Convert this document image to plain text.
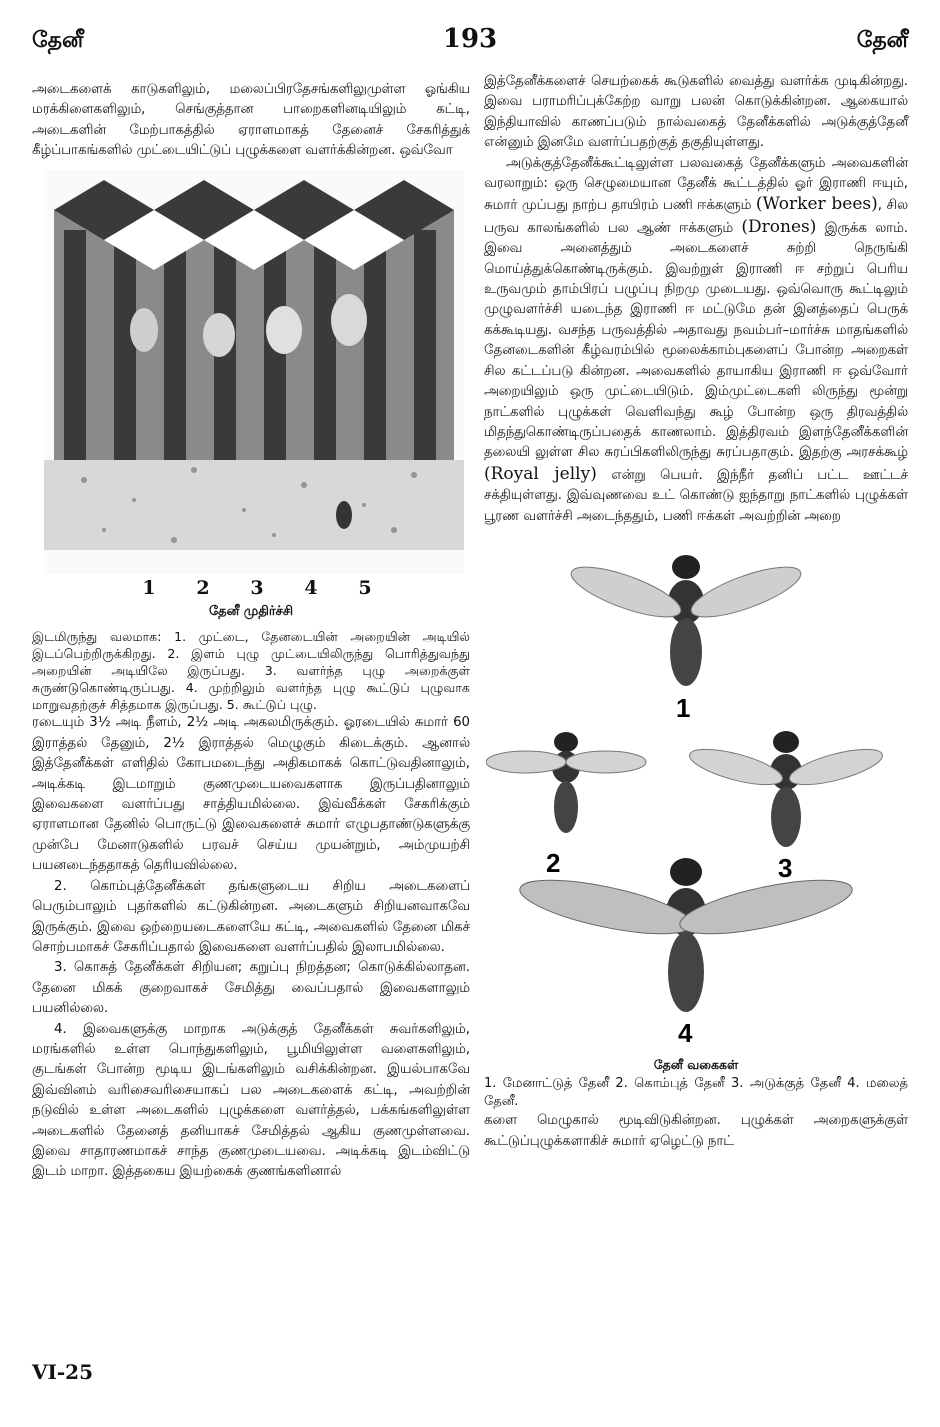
தேனீ	193	தேனீ

அடைகளைக் காடுகளிலும், மலைப்பிரதேசங்களிலுமுள்ள ஓங்கிய மரக்கிளைகளிலும், செங்குத்தான பாறைகளினடியிலும் கட்டி, அடைகளின் மேற்பாகத்தில் ஏராளமாகத் தேனைச் சேகரித்துக் கீழ்ப்பாகங்களில் முட்டையிட்டுப் புழுக்களை வளர்க்கின்றன. ஒவ்வோ

1 2 3 4 5
தேனீ முதிர்ச்சி

இடமிருந்து வலமாக: 1. முட்டை, தேனடையின் அறையின் அடியில் இடப்பெற்றிருக்கிறது. 2. இளம் புழு முட்டையிலிருந்து பொரித்துவந்து அறையின் அடியிலே இருப்பது. 3. வளர்ந்த புழு அறைக்குள் சுருண்டுகொண்டிருப்பது. 4. முற்றிலும் வளர்ந்த புழு கூட்டுப் புழுவாக மாறுவதற்குச் சித்தமாக இருப்பது. 5. கூட்டுப் புழு.

ரடையும் 3½ அடி நீளம், 2½ அடி அகலமிருக்கும். ஓரடையில் சுமார் 60 இராத்தல் தேனும், 2½ இராத்தல் மெழுகும் கிடைக்கும். ஆனால் இத்தேனீக்கள் எளிதில் கோபமடைந்து அதிகமாகக் கொட்டுவதினாலும், அடிக்கடி இடமாறும் குணமுடையவைகளாக இருப்பதினாலும் இவைகளை வளர்ப்பது சாத்தியமில்லை. இவ்வீக்கள் சேகரிக்கும் ஏராளமான தேனில் பொருட்டு இவைகளைச் சுமார் எழுபதாண்டுகளுக்கு முன்பே மேனாடுகளில் பரவச் செய்ய முயன்றும், அம்முயற்சி பயனடைந்ததாகத் தெரியவில்லை.

2. கொம்புத்தேனீக்கள் தங்களுடைய சிறிய அடைகளைப் பெரும்பாலும் புதர்களில் கட்டுகின்றன. அடைகளும் சிறியனவாகவே இருக்கும். இவை ஒற்றையடைகளையே கட்டி, அவைகளில் தேனை மிகச் சொற்பமாகச் சேகரிப்பதால் இவைகளை வளர்ப்பதில் இலாபமில்லை.

3. கொசுத் தேனீக்கள் சிறியன; கறுப்பு நிறத்தன; கொடுக்கில்லாதன. தேனை மிகக் குறைவாகச் சேமித்து வைப்பதால் இவைகளாலும் பயனில்லை.

4. இவைகளுக்கு மாறாக அடுக்குத் தேனீக்கள் சுவர்களிலும், மரங்களில் உள்ள பொந்துகளிலும், பூமியிலுள்ள வளைகளிலும், குடங்கள் போன்ற மூடிய இடங்களிலும் வசிக்கின்றன. இயல்பாகவே இவ்வினம் வரிசைவரிசையாகப் பல அடைகளைக் கட்டி, அவற்றின் நடுவில் உள்ள அடைகளில் புழுக்களை வளர்த்தல், பக்கங்களிலுள்ள அடைகளில் தேனைத் தனியாகச் சேமித்தல் ஆகிய குணமுள்ளவை. இவை சாதாரணமாகச் சாந்த குணமுடையவை. அடிக்கடி இடம்விட்டு இடம் மாறா. இத்தகைய இயற்கைக் குணங்களினால்

இத்தேனீக்களைச் செயற்கைக் கூடுகளில் வைத்து வளர்க்க முடிகின்றது. இவை பராமரிப்புக்கேற்ற வாறு பலன் கொடுக்கின்றன. ஆகையால் இந்தியாவில் காணப்படும் நால்வகைத் தேனீக்களில் அடுக்குத்தேனீ என்னும் இனமே வளர்ப்பதற்குத் தகுதியுள்ளது.

அடுக்குத்தேனீக்கூட்டிலுள்ள பலவகைத் தேனீக்களும் அவைகளின் வரலாறும்: ஒரு செழுமையான தேனீக் கூட்டத்தில் ஓர் இராணி ஈயும், சுமார் முப்பது நாற்ப தாயிரம் பணி ஈக்களும் (Worker bees), சில பருவ காலங்களில் பல ஆண் ஈக்களும் (Drones) இருக்க லாம். இவை அனைத்தும் அடைகளைச் சுற்றி நெருங்கி மொய்த்துக்கொண்டிருக்கும். இவற்றுள் இராணி ஈ சற்றுப் பெரிய உருவமும் தாம்பிரப் பழுப்பு நிறமு முடையது. ஒவ்வொரு கூட்டிலும் முழுவளர்ச்சி யடைந்த இராணி ஈ மட்டுமே தன் இனத்தைப் பெருக் கக்கூடியது. வசந்த பருவத்தில் அதாவது நவம்பர்–மார்ச்சு மாதங்களில் தேனடைகளின் கீழ்வரம்பில் மூலைக்காம்புகளைப் போன்ற அறைகள் சில கட்டப்படு கின்றன. அவைகளில் தாயாகிய இராணி ஈ ஒவ்வோர் அறையிலும் ஒரு முட்டையிடும். இம்முட்டைகளி லிருந்து மூன்று நாட்களில் புழுக்கள் வெளிவந்து கூழ் போன்ற ஒரு திரவத்தில் மிதந்துகொண்டிருப்பதைக் காணலாம். இத்திரவம் இளந்தேனீக்களின் தலையி லுள்ள சில சுரப்பிகளிலிருந்து சுரப்பதாகும். இதற்கு அரசக்கூழ் (Royal jelly) என்று பெயர். இந்நீர் தனிப் பட்ட ஊட்டச் சக்தியுள்ளது. இவ்வுணவை உட் கொண்டு ஐந்தாறு நாட்களில் புழுக்கள் பூரண வளர்ச்சி அடைந்ததும், பணி ஈக்கள் அவற்றின் அறை

1
2	3
4
தேனீ வகைகள்

1. மேனாட்டுத் தேனீ 2. கொம்புத் தேனீ 3. அடுக்குத் தேனீ 4. மலைத் தேனீ.

களை மெழுகால் மூடிவிடுகின்றன. புழுக்கள் அறைகளுக்குள் கூட்டுப்புழுக்களாகிச் சுமார் ஏழெட்டு நாட்

VI-25
